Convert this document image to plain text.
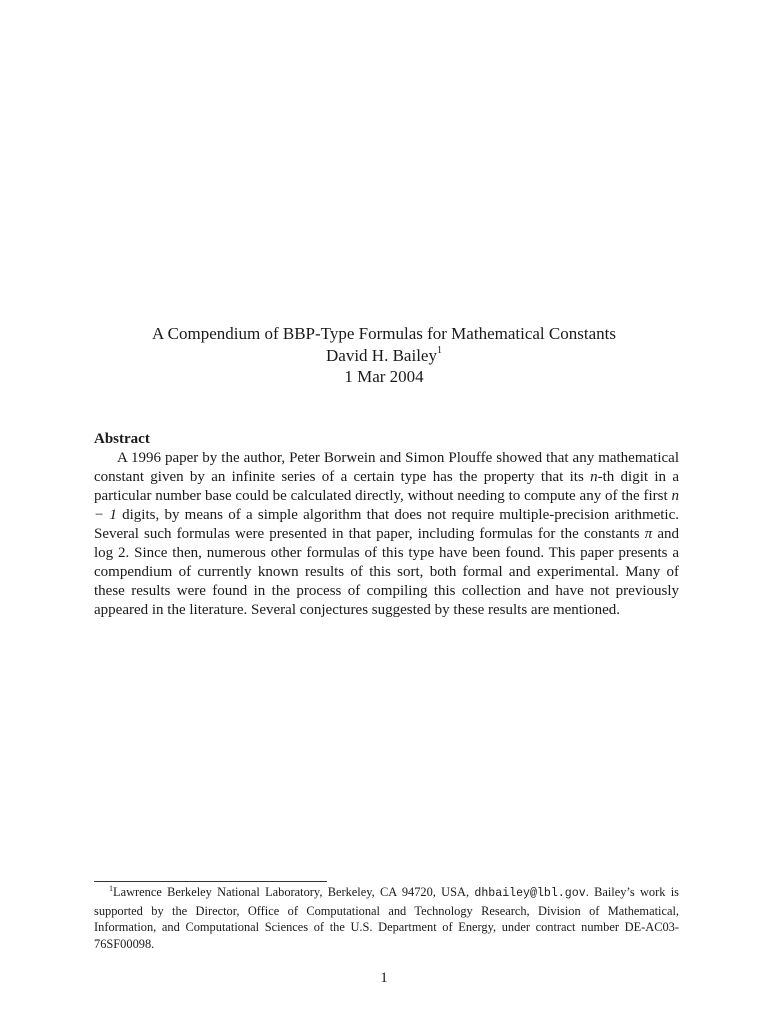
A Compendium of BBP-Type Formulas for Mathematical Constants
David H. Bailey$^1$
1 Mar 2004
Abstract

A 1996 paper by the author, Peter Borwein and Simon Plouffe showed that any mathematical constant given by an infinite series of a certain type has the property that its n-th digit in a particular number base could be calculated directly, without needing to compute any of the first n − 1 digits, by means of a simple algorithm that does not require multiple-precision arithmetic. Several such formulas were presented in that paper, including formulas for the constants π and log 2. Since then, numerous other formulas of this type have been found. This paper presents a compendium of currently known results of this sort, both formal and experimental. Many of these results were found in the process of compiling this collection and have not previously appeared in the literature. Several conjectures suggested by these results are mentioned.

$^1$Lawrence Berkeley National Laboratory, Berkeley, CA 94720, USA, dhbailey@lbl.gov. Bailey’s work is supported by the Director, Office of Computational and Technology Research, Division of Mathematical, Information, and Computational Sciences of the U.S. Department of Energy, under contract number DE-AC03-76SF00098.

1
